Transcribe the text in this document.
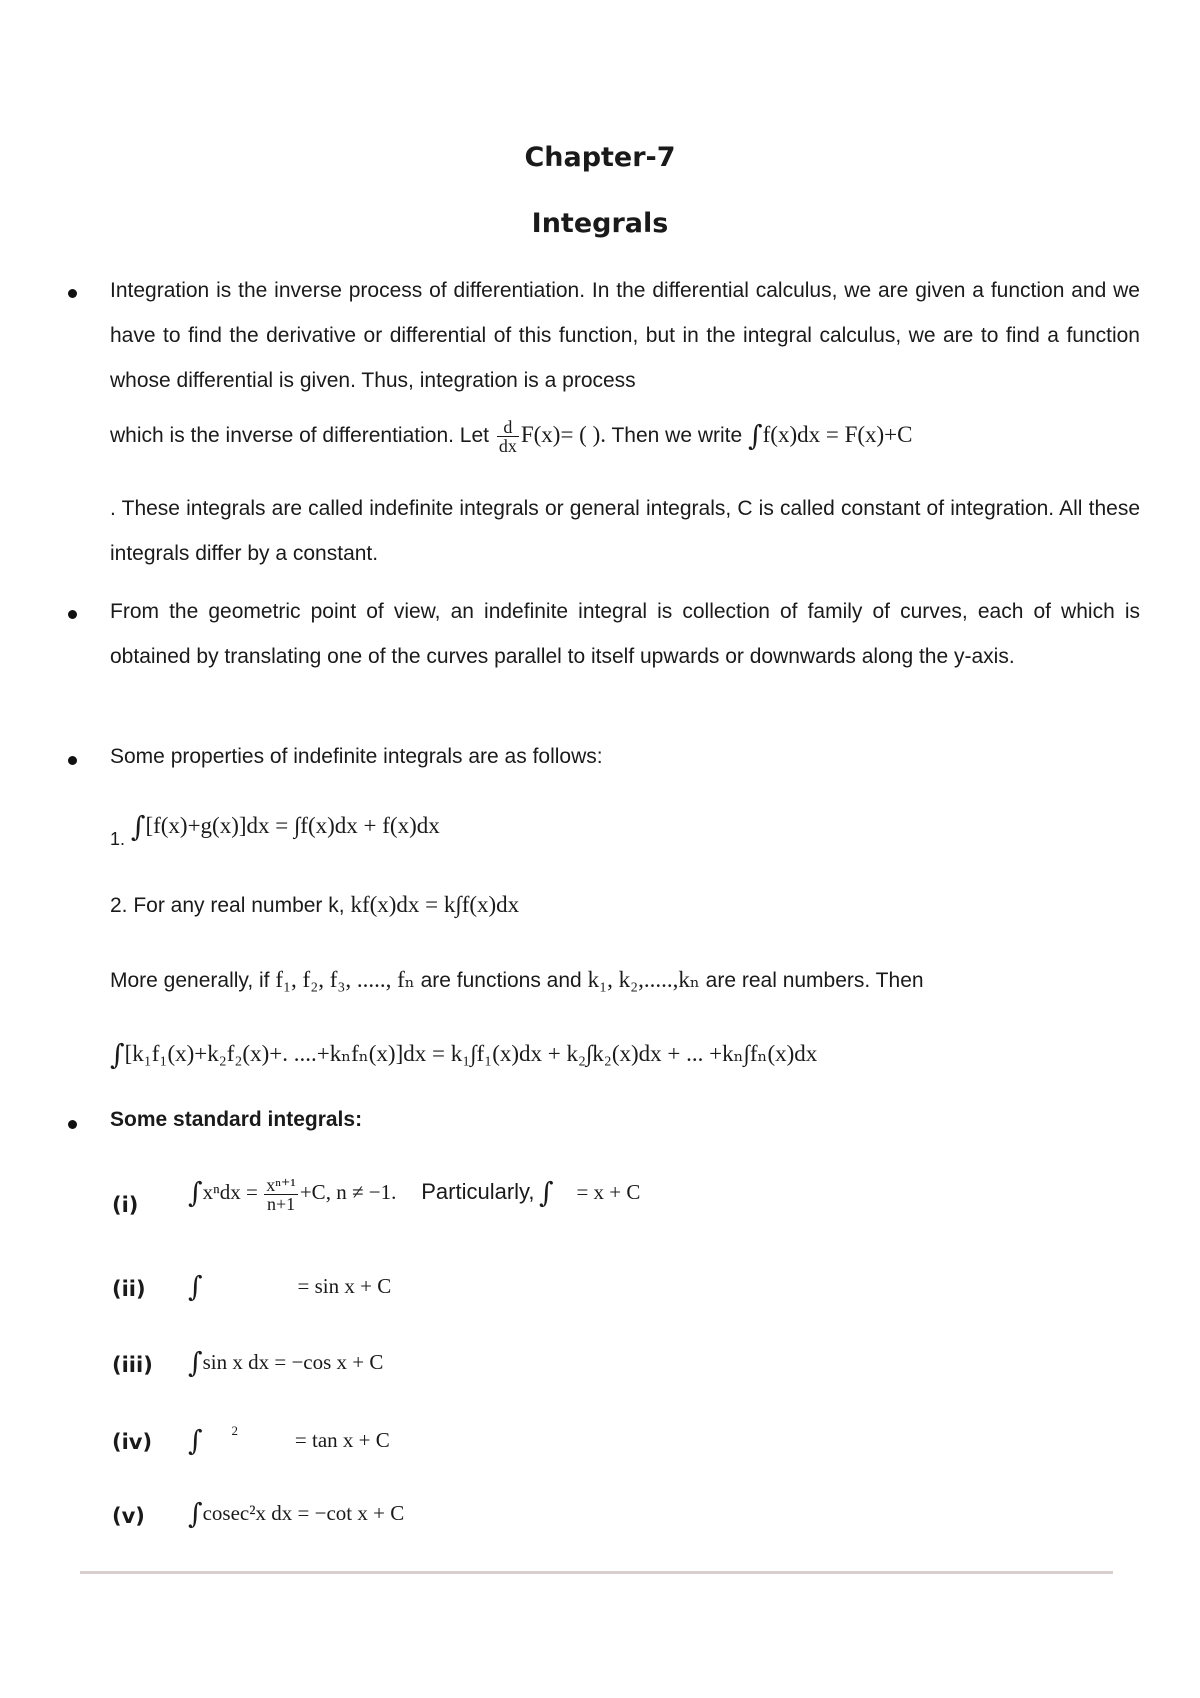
Chapter-7
Integrals
Integration is the inverse process of differentiation. In the differential calculus, we are given a function and we have to find the derivative or differential of this function, but in the integral calculus, we are to find a function whose differential is given. Thus, integration is a process
which is the inverse of differentiation. Let $\frac{d}{dx} F(x)=$ ( ). Then we write ∫f(x)dx = F(x)+C
. These integrals are called indefinite integrals or general integrals, C is called constant of integration. All these integrals differ by a constant.
From the geometric point of view, an indefinite integral is collection of family of curves, each of which is obtained by translating one of the curves parallel to itself upwards or downwards along the y-axis.
Some properties of indefinite integrals are as follows:
1. ∫[f(x)+g(x)]dx = ∫f(x)dx + f(x)dx
2. For any real number k, kf(x)dx = k∫f(x)dx
More generally, if f₁, f₂, f₃, ....., fₙ are functions and k₁, k₂,.....,kₙ are real numbers. Then
∫[k₁f₁(x)+k₂f₂(x)+. ....+kₙfₙ(x)]dx = k₁∫f₁(x)dx + k₂∫k₂(x)dx + ... +kₙ∫fₙ(x)dx
Some standard integrals:
(i) $\int x^ndx = \frac{\text{xⁿ⁺¹}}{n+1} +C$, n ≠ −1. Particularly, ∫ = x + C
(ii) ∫	= sin x + C
(iii) ∫sin x dx = −cos x + C
(iv) ∫ $^2$	= tan x + C
(v) ∫cosec²x dx = −cot x + C
